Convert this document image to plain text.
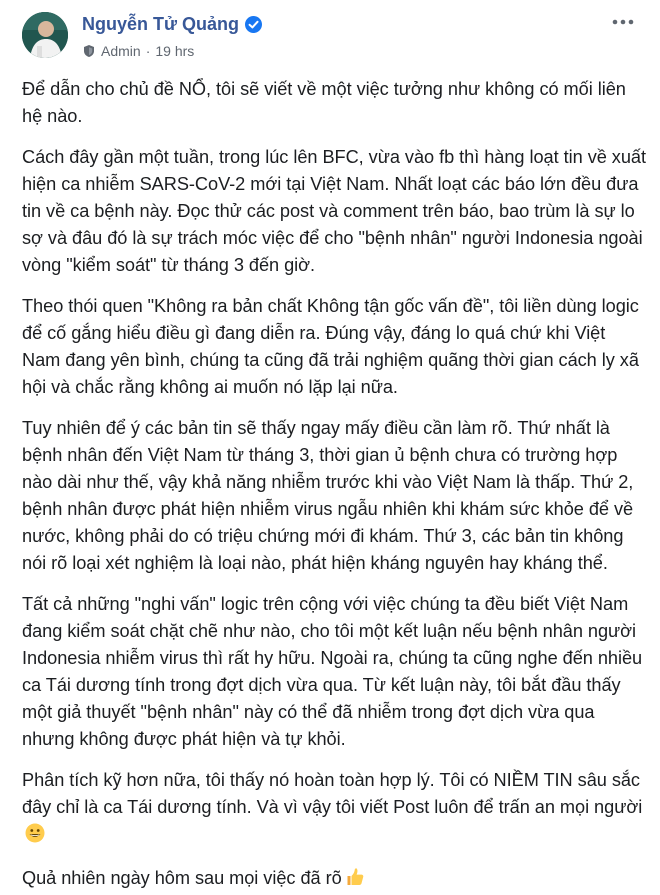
Nguyễn Tử Quảng
Admin · 19 hrs

Để dẫn cho chủ đề NỔ, tôi sẽ viết về một việc tưởng như không có mối liên hệ nào.

Cách đây gần một tuần, trong lúc lên BFC, vừa vào fb thì hàng loạt tin về xuất hiện ca nhiễm SARS-CoV-2 mới tại Việt Nam. Nhất loạt các báo lớn đều đưa tin về ca bệnh này. Đọc thử các post và comment trên báo, bao trùm là sự lo sợ và đâu đó là sự trách móc việc để cho "bệnh nhân" người Indonesia ngoài vòng "kiểm soát" từ tháng 3 đến giờ.

Theo thói quen "Không ra bản chất Không tận gốc vấn đề", tôi liền dùng logic để cố gắng hiểu điều gì đang diễn ra. Đúng vậy, đáng lo quá chứ khi Việt Nam đang yên bình, chúng ta cũng đã trải nghiệm quãng thời gian cách ly xã hội và chắc rằng không ai muốn nó lặp lại nữa.

Tuy nhiên để ý các bản tin sẽ thấy ngay mấy điều cần làm rõ. Thứ nhất là bệnh nhân đến Việt Nam từ tháng 3, thời gian ủ bệnh chưa có trường hợp nào dài như thế, vậy khả năng nhiễm trước khi vào Việt Nam là thấp. Thứ 2, bệnh nhân được phát hiện nhiễm virus ngẫu nhiên khi khám sức khỏe để về nước, không phải do có triệu chứng mới đi khám. Thứ 3, các bản tin không nói rõ loại xét nghiệm là loại nào, phát hiện kháng nguyên hay kháng thể.

Tất cả những "nghi vấn" logic trên cộng với việc chúng ta đều biết Việt Nam đang kiểm soát chặt chẽ như nào, cho tôi một kết luận nếu bệnh nhân người Indonesia nhiễm virus thì rất hy hữu. Ngoài ra, chúng ta cũng nghe đến nhiều ca Tái dương tính trong đợt dịch vừa qua. Từ kết luận này, tôi bắt đầu thấy một giả thuyết "bệnh nhân" này có thể đã nhiễm trong đợt dịch vừa qua nhưng không được phát hiện và tự khỏi.

Phân tích kỹ hơn nữa, tôi thấy nó hoàn toàn hợp lý. Tôi có NIỀM TIN sâu sắc đây chỉ là ca Tái dương tính. Và vì vậy tôi viết Post luôn để trấn an mọi người

Quả nhiên ngày hôm sau mọi việc đã rõ
